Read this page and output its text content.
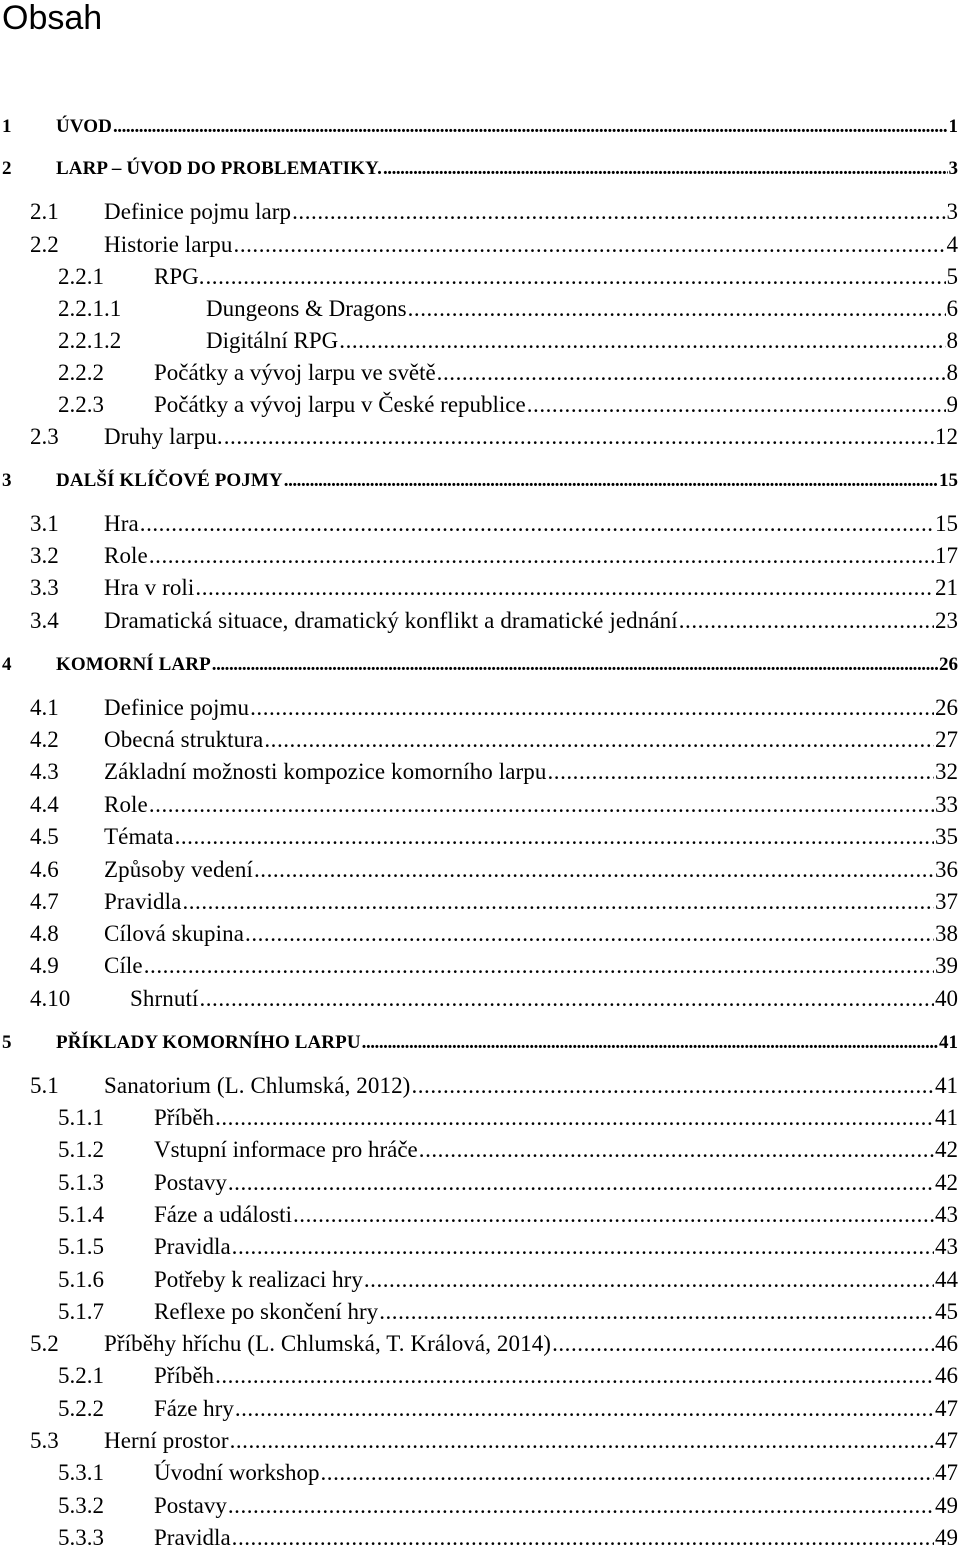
Obsah
1 ÚVOD . . .	1
2 LARP – ÚVOD DO PROBLEMATIKY. . . .	3
2.1 Definice pojmu larp . . .	3
2.2 Historie larpu . . .	4
2.2.1 RPG. . . .	5
2.2.1.1	Dungeons & Dragons . . .	6
2.2.1.2	Digitální RPG . . .	8
2.2.2 Počátky a vývoj larpu ve světě . . .	8
2.2.3 Počátky a vývoj larpu v České republice . . .	9
2.3 Druhy larpu. . . .	12
3 DALŠÍ KLÍČOVÉ POJMY . . .	15
3.1 Hra . . .	15
3.2 Role . . .	17
3.3 Hra v roli . . .	21
3.4 Dramatická situace, dramatický konflikt a dramatické jednání . . .	23
4 KOMORNÍ LARP . . .	26
4.1 Definice pojmu . . .	26
4.2 Obecná struktura . . .	27
4.3 Základní možnosti kompozice komorního larpu . . .	32
4.4 Role . . .	33
4.5 Témata . . .	35
4.6 Způsoby vedení . . .	36
4.7 Pravidla . . .	37
4.8 Cílová skupina . . .	38
4.9 Cíle . . .	39
4.10	Shrnutí . . .	40
5 PŘÍKLADY KOMORNÍHO LARPU . . .	41
5.1 Sanatorium (L. Chlumská, 2012) . . .	41
5.1.1 Příběh . . .	41
5.1.2 Vstupní informace pro hráče . . .	42
5.1.3 Postavy . . .	42
5.1.4 Fáze a události . . .	43
5.1.5 Pravidla . . .	43
5.1.6 Potřeby k realizaci hry . . .	44
5.1.7 Reflexe po skončení hry . . .	45
5.2 Příběhy hříchu (L. Chlumská, T. Králová, 2014) . . .	46
5.2.1 Příběh . . .	46
5.2.2 Fáze hry . . .	47
5.3 Herní prostor . . .	47
5.3.1 Úvodní workshop . . .	47
5.3.2 Postavy . . .	49
5.3.3 Pravidla . . .	49
